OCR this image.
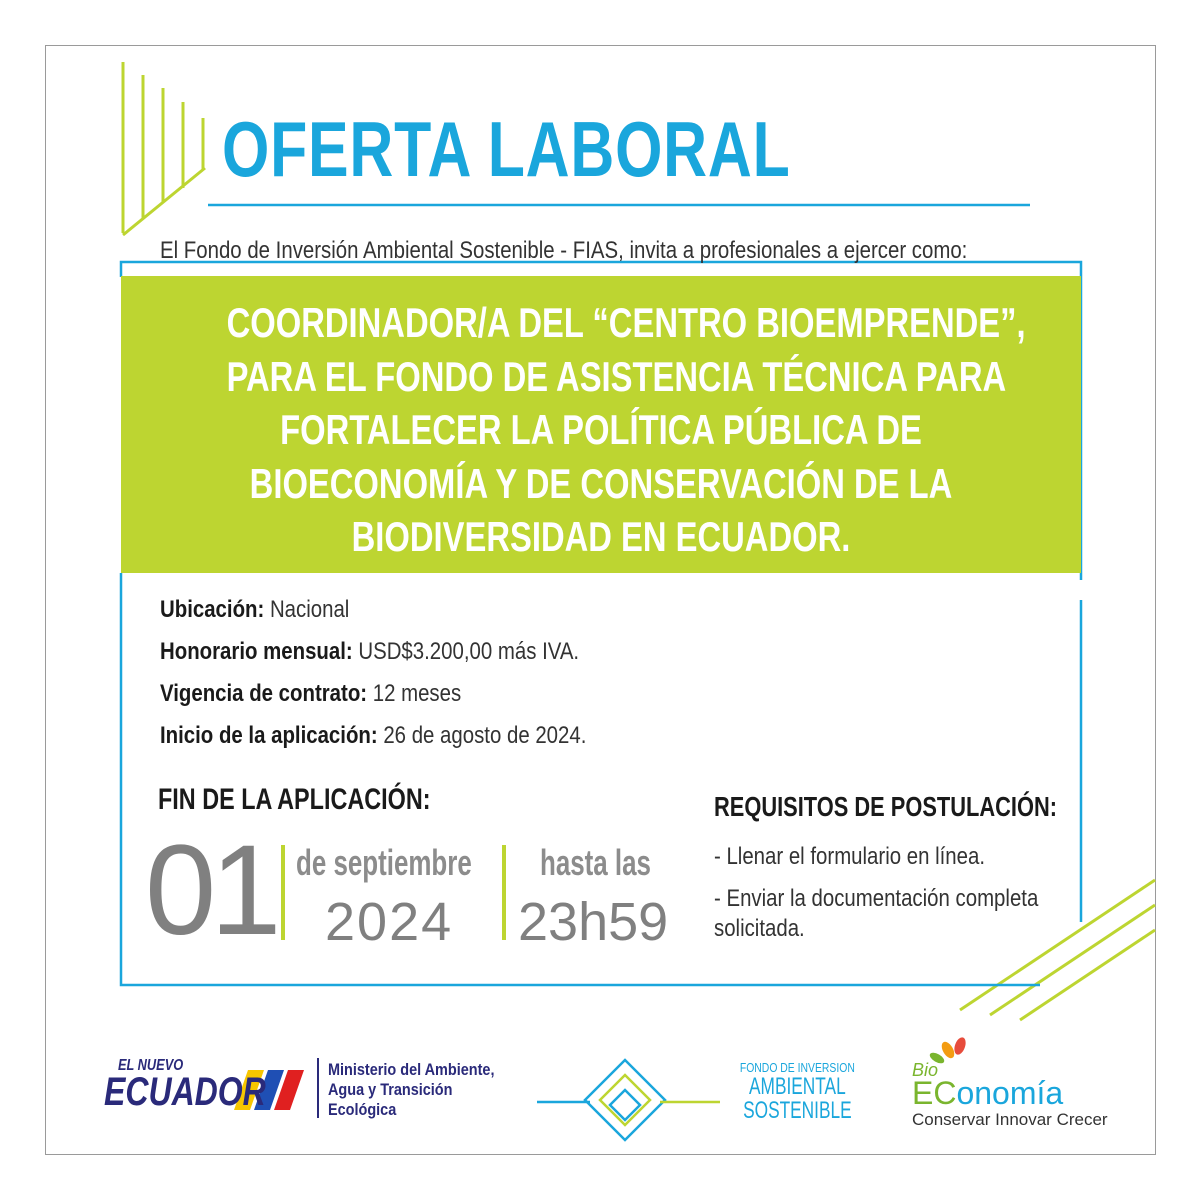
OFERTA LABORAL
El Fondo de Inversión Ambiental Sostenible - FIAS, invita a profesionales a ejercer como:
COORDINADOR/A DEL “CENTRO BIOEMPRENDE”,
PARA EL FONDO DE ASISTENCIA TÉCNICA PARA
FORTALECER LA POLÍTICA PÚBLICA DE
BIOECONOMÍA Y DE CONSERVACIÓN DE LA
BIODIVERSIDAD EN ECUADOR.
Ubicación: Nacional
Honorario mensual: USD$3.200,00 más IVA.
Vigencia de contrato: 12 meses
Inicio de la aplicación: 26 de agosto de 2024.
FIN DE LA APLICACIÓN:
01 de septiembre
2024
hasta las
23h59
REQUISITOS DE POSTULACIÓN:
- Llenar el formulario en línea.
- Enviar la documentación completa solicitada.
EL NUEVO
ECUADOR
Ministerio del Ambiente,
Agua y Transición
Ecológica
FONDO DE INVERSION
AMBIENTAL
SOSTENIBLE
Bio
EConomía
Conservar Innovar Crecer
